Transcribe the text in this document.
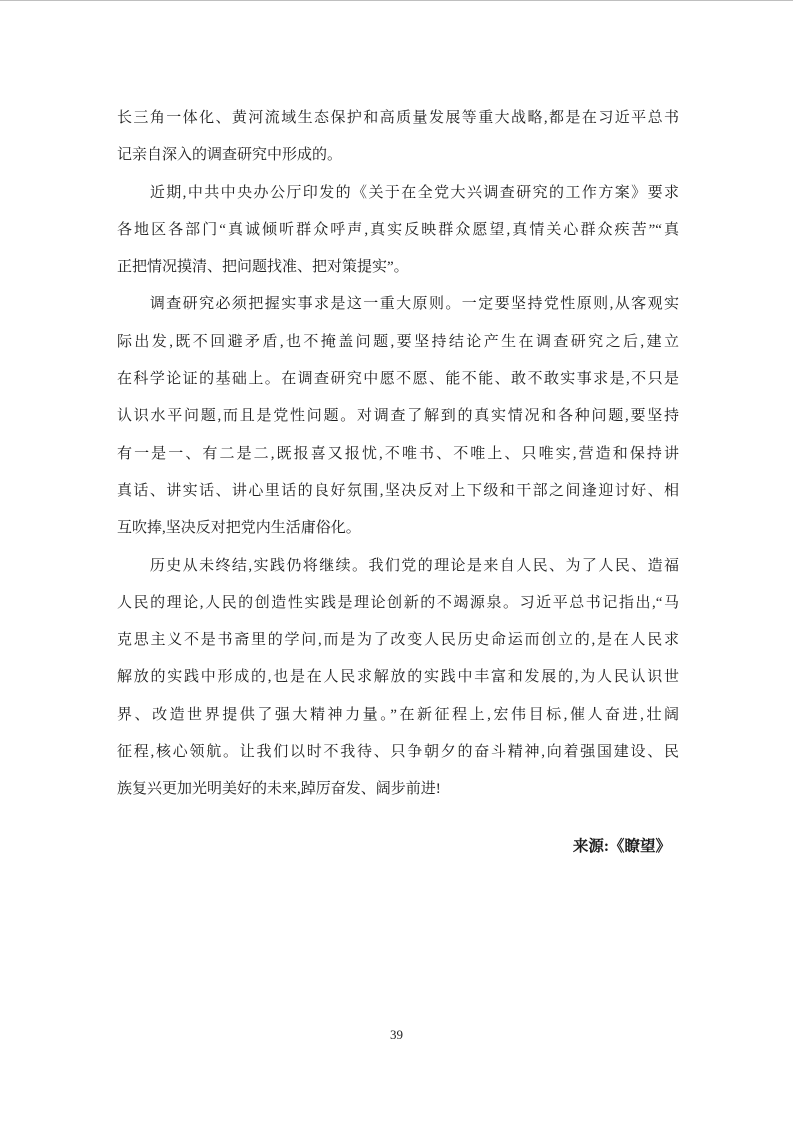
长三角一体化、黄河流域生态保护和高质量发展等重大战略,都是在习近平总书
记亲自深入的调查研究中形成的。
　　近期,中共中央办公厅印发的《关于在全党大兴调查研究的工作方案》要求
各地区各部门“真诚倾听群众呼声,真实反映群众愿望,真情关心群众疾苦”“真
正把情况摸清、把问题找准、把对策提实”。
　　调查研究必须把握实事求是这一重大原则。一定要坚持党性原则,从客观实
际出发,既不回避矛盾,也不掩盖问题,要坚持结论产生在调查研究之后,建立
在科学论证的基础上。在调查研究中愿不愿、能不能、敢不敢实事求是,不只是
认识水平问题,而且是党性问题。对调查了解到的真实情况和各种问题,要坚持
有一是一、有二是二,既报喜又报忧,不唯书、不唯上、只唯实,营造和保持讲
真话、讲实话、讲心里话的良好氛围,坚决反对上下级和干部之间逢迎讨好、相
互吹捧,坚决反对把党内生活庸俗化。
　　历史从未终结,实践仍将继续。我们党的理论是来自人民、为了人民、造福
人民的理论,人民的创造性实践是理论创新的不竭源泉。习近平总书记指出,“马
克思主义不是书斋里的学问,而是为了改变人民历史命运而创立的,是在人民求
解放的实践中形成的,也是在人民求解放的实践中丰富和发展的,为人民认识世
界、改造世界提供了强大精神力量。”在新征程上,宏伟目标,催人奋进,壮阔
征程,核心领航。让我们以时不我待、只争朝夕的奋斗精神,向着强国建设、民
族复兴更加光明美好的未来,踔厉奋发、阔步前进!
来源:《瞭望》
39
